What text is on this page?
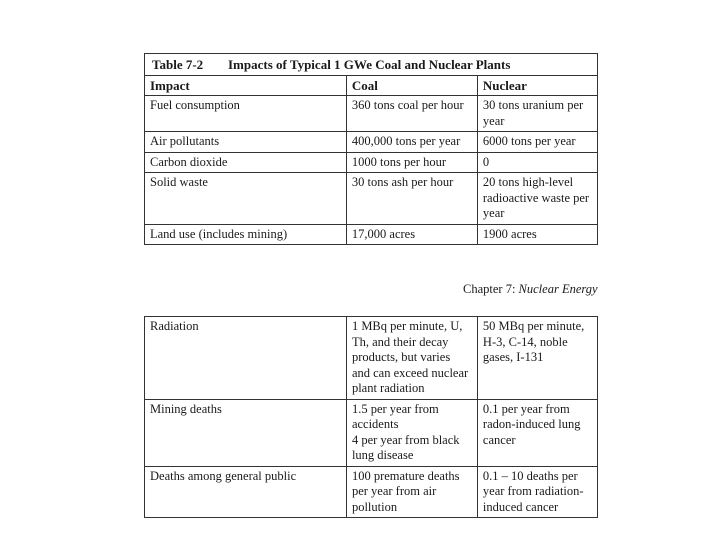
Table 7-2 Impacts of Typical 1 GWe Coal and Nuclear Plants		
Impact	Coal	Nuclear
Fuel consumption	360 tons coal per hour	30 tons uranium per
year
Air pollutants	400,000 tons per year	6000 tons per year
Carbon dioxide	1000 tons per hour	0
Solid waste	30 tons ash per hour	20 tons high-level
radioactive waste per
year
Land use (includes mining)	17,000 acres	1900 acres
Chapter 7: Nuclear Energy
Radiation	1 MBq per minute, U,
Th, and their decay
products, but varies
and can exceed nuclear
plant radiation	50 MBq per minute,
H-3, C-14, noble
gases, I-131
Mining deaths	1.5 per year from
accidents
4 per year from black
lung disease	0.1 per year from
radon-induced lung
cancer
Deaths among general public	100 premature deaths
per year from air
pollution	0.1 – 10 deaths per
year from radiation-
induced cancer
